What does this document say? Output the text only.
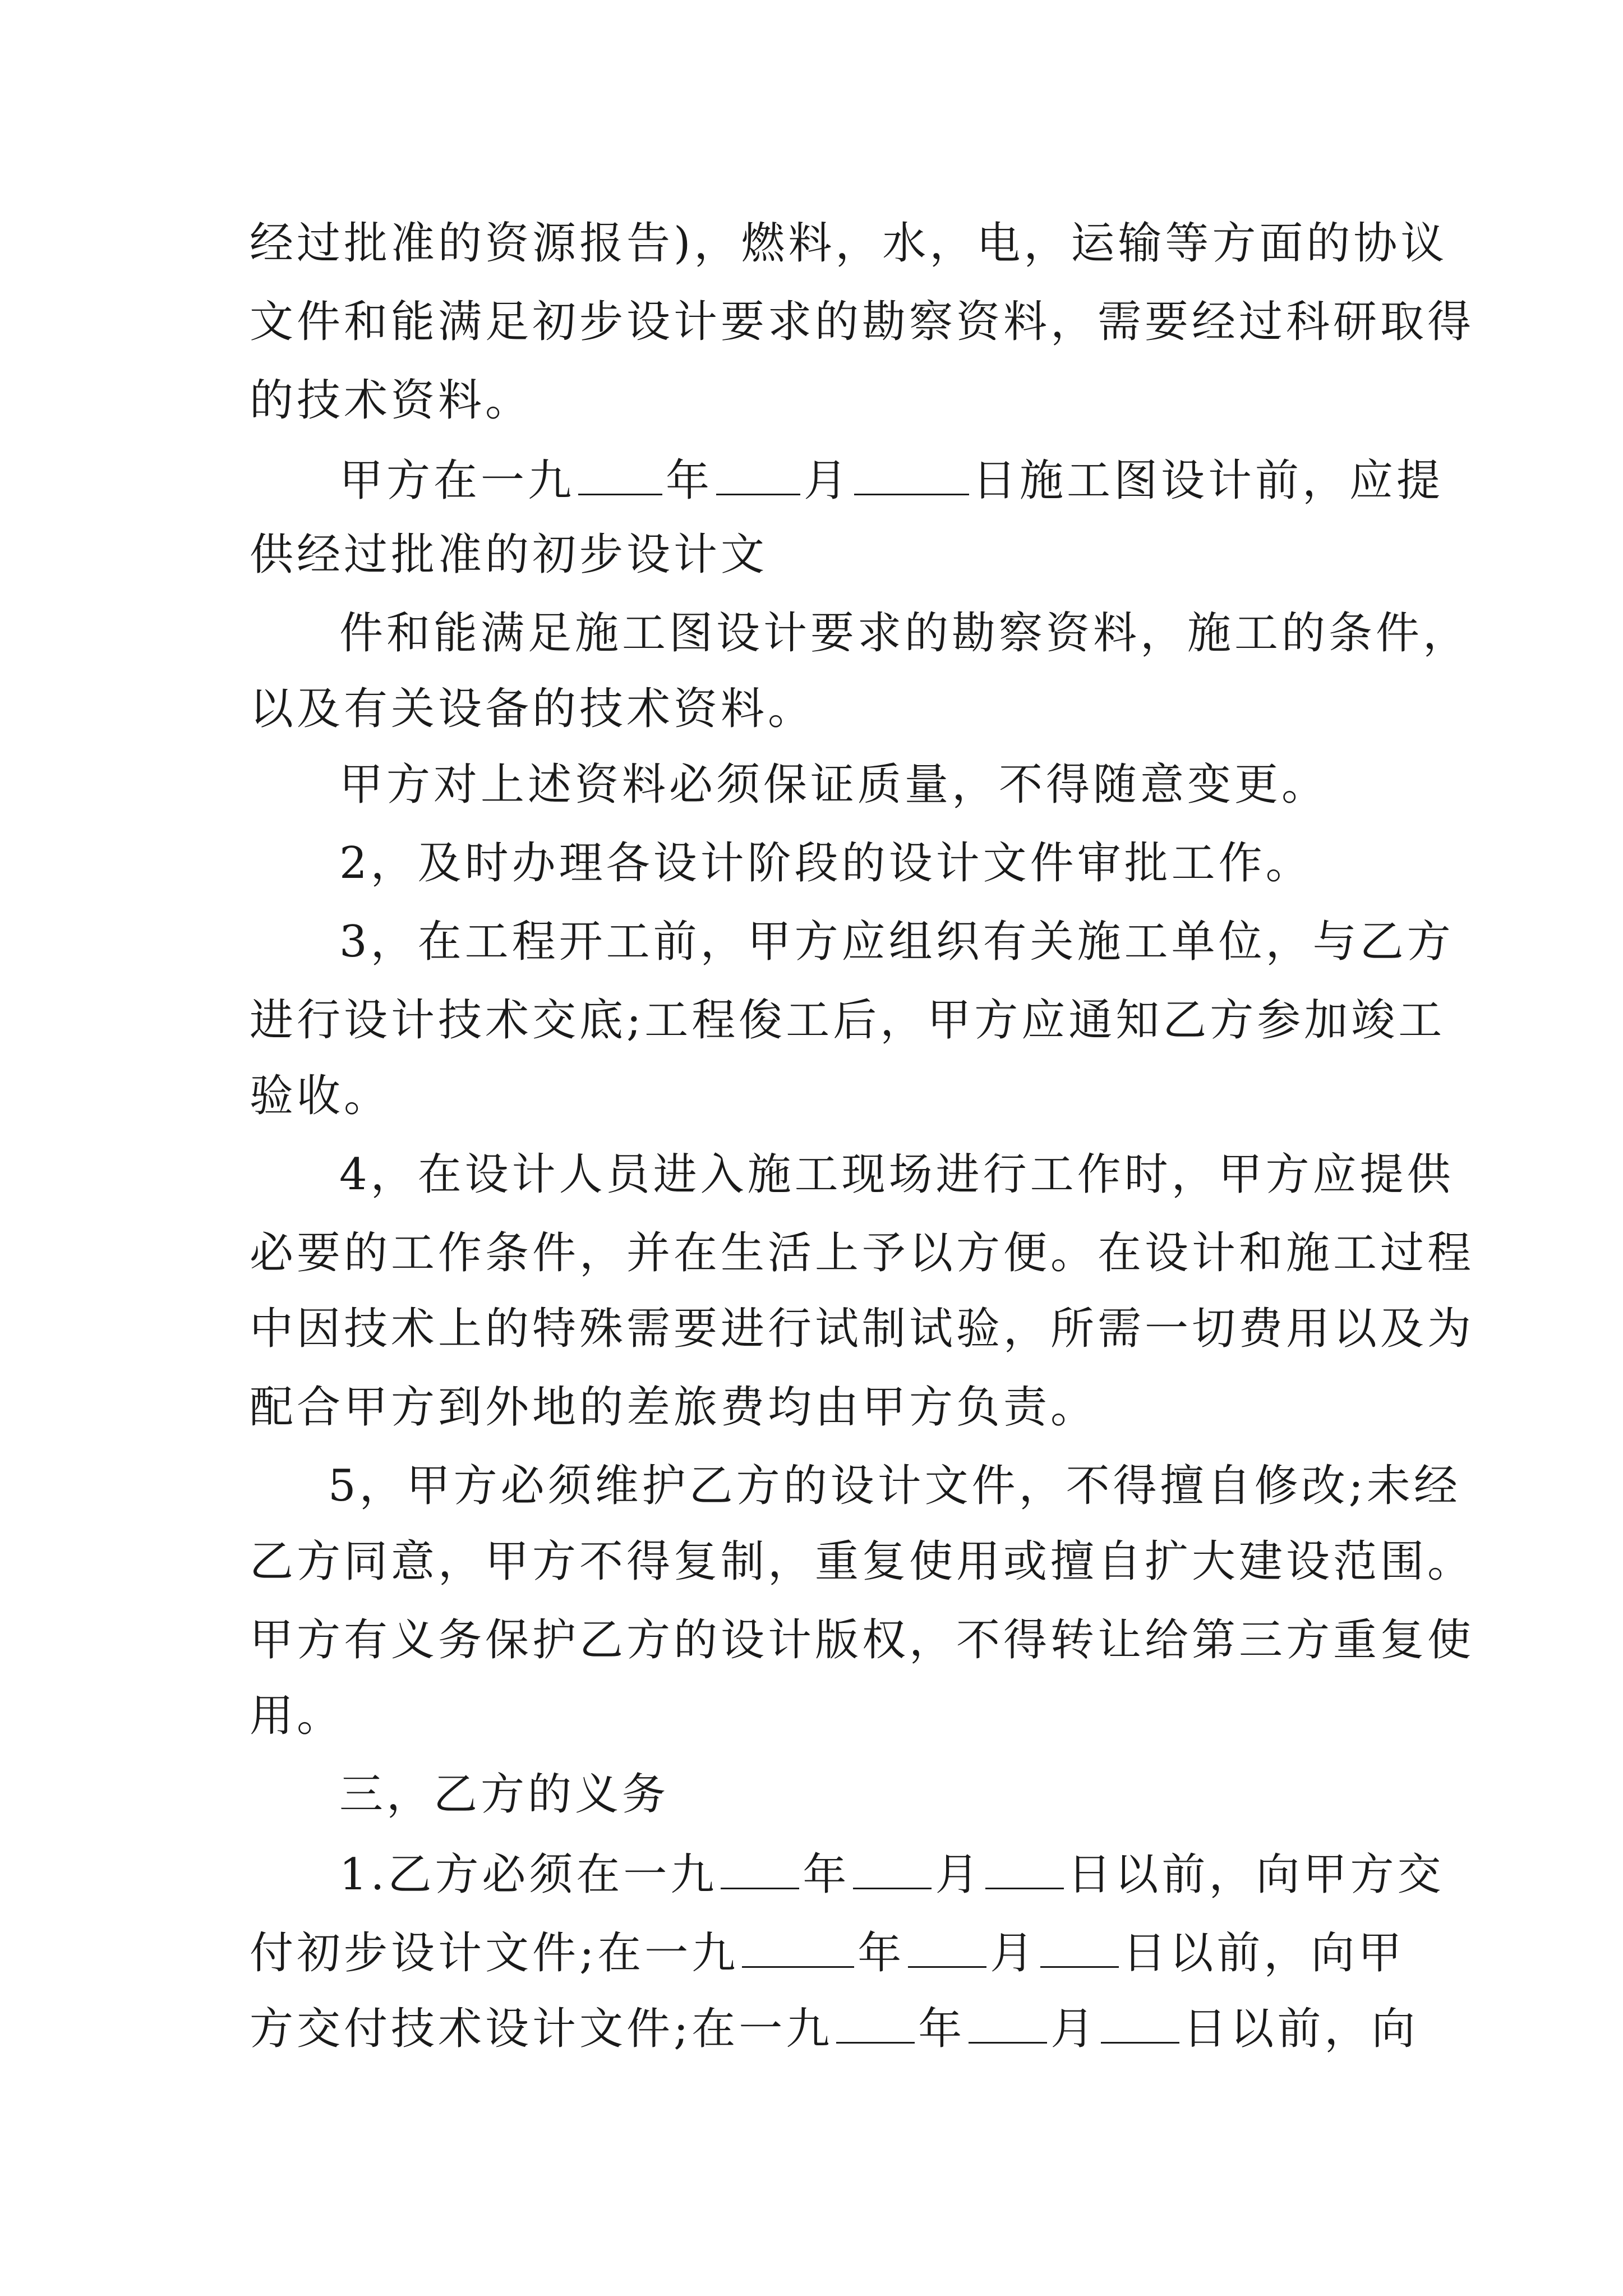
经过批准的资源报告)，燃料，水，电，运输等方面的协议
文件和能满足初步设计要求的勘察资料，需要经过科研取得
的技术资料。
甲方在一九 年 月	日施工图设计前，应提
供经过批准的初步设计文
件和能满足施工图设计要求的勘察资料，施工的条件，
以及有关设备的技术资料。
甲方对上述资料必须保证质量，不得随意变更。
2，及时办理各设计阶段的设计文件审批工作。
3，在工程开工前，甲方应组织有关施工单位，与乙方
进行设计技术交底;工程俊工后，甲方应通知乙方参加竣工
验收。
4，在设计人员进入施工现场进行工作时，甲方应提供
必要的工作条件，并在生活上予以方便。在设计和施工过程
中因技术上的特殊需要进行试制试验，所需一切费用以及为
配合甲方到外地的差旅费均由甲方负责。
5，甲方必须维护乙方的设计文件，不得擅自修改;未经
乙方同意，甲方不得复制，重复使用或擅自扩大建设范围。
甲方有义务保护乙方的设计版权，不得转让给第三方重复使
用。
三，乙方的义务
1.乙方必须在一九 年 月 日以前，向甲方交
付初步设计文件;在一九	年 月 日以前，向甲
方交付技术设计文件;在一九 年 月 日以前，向
